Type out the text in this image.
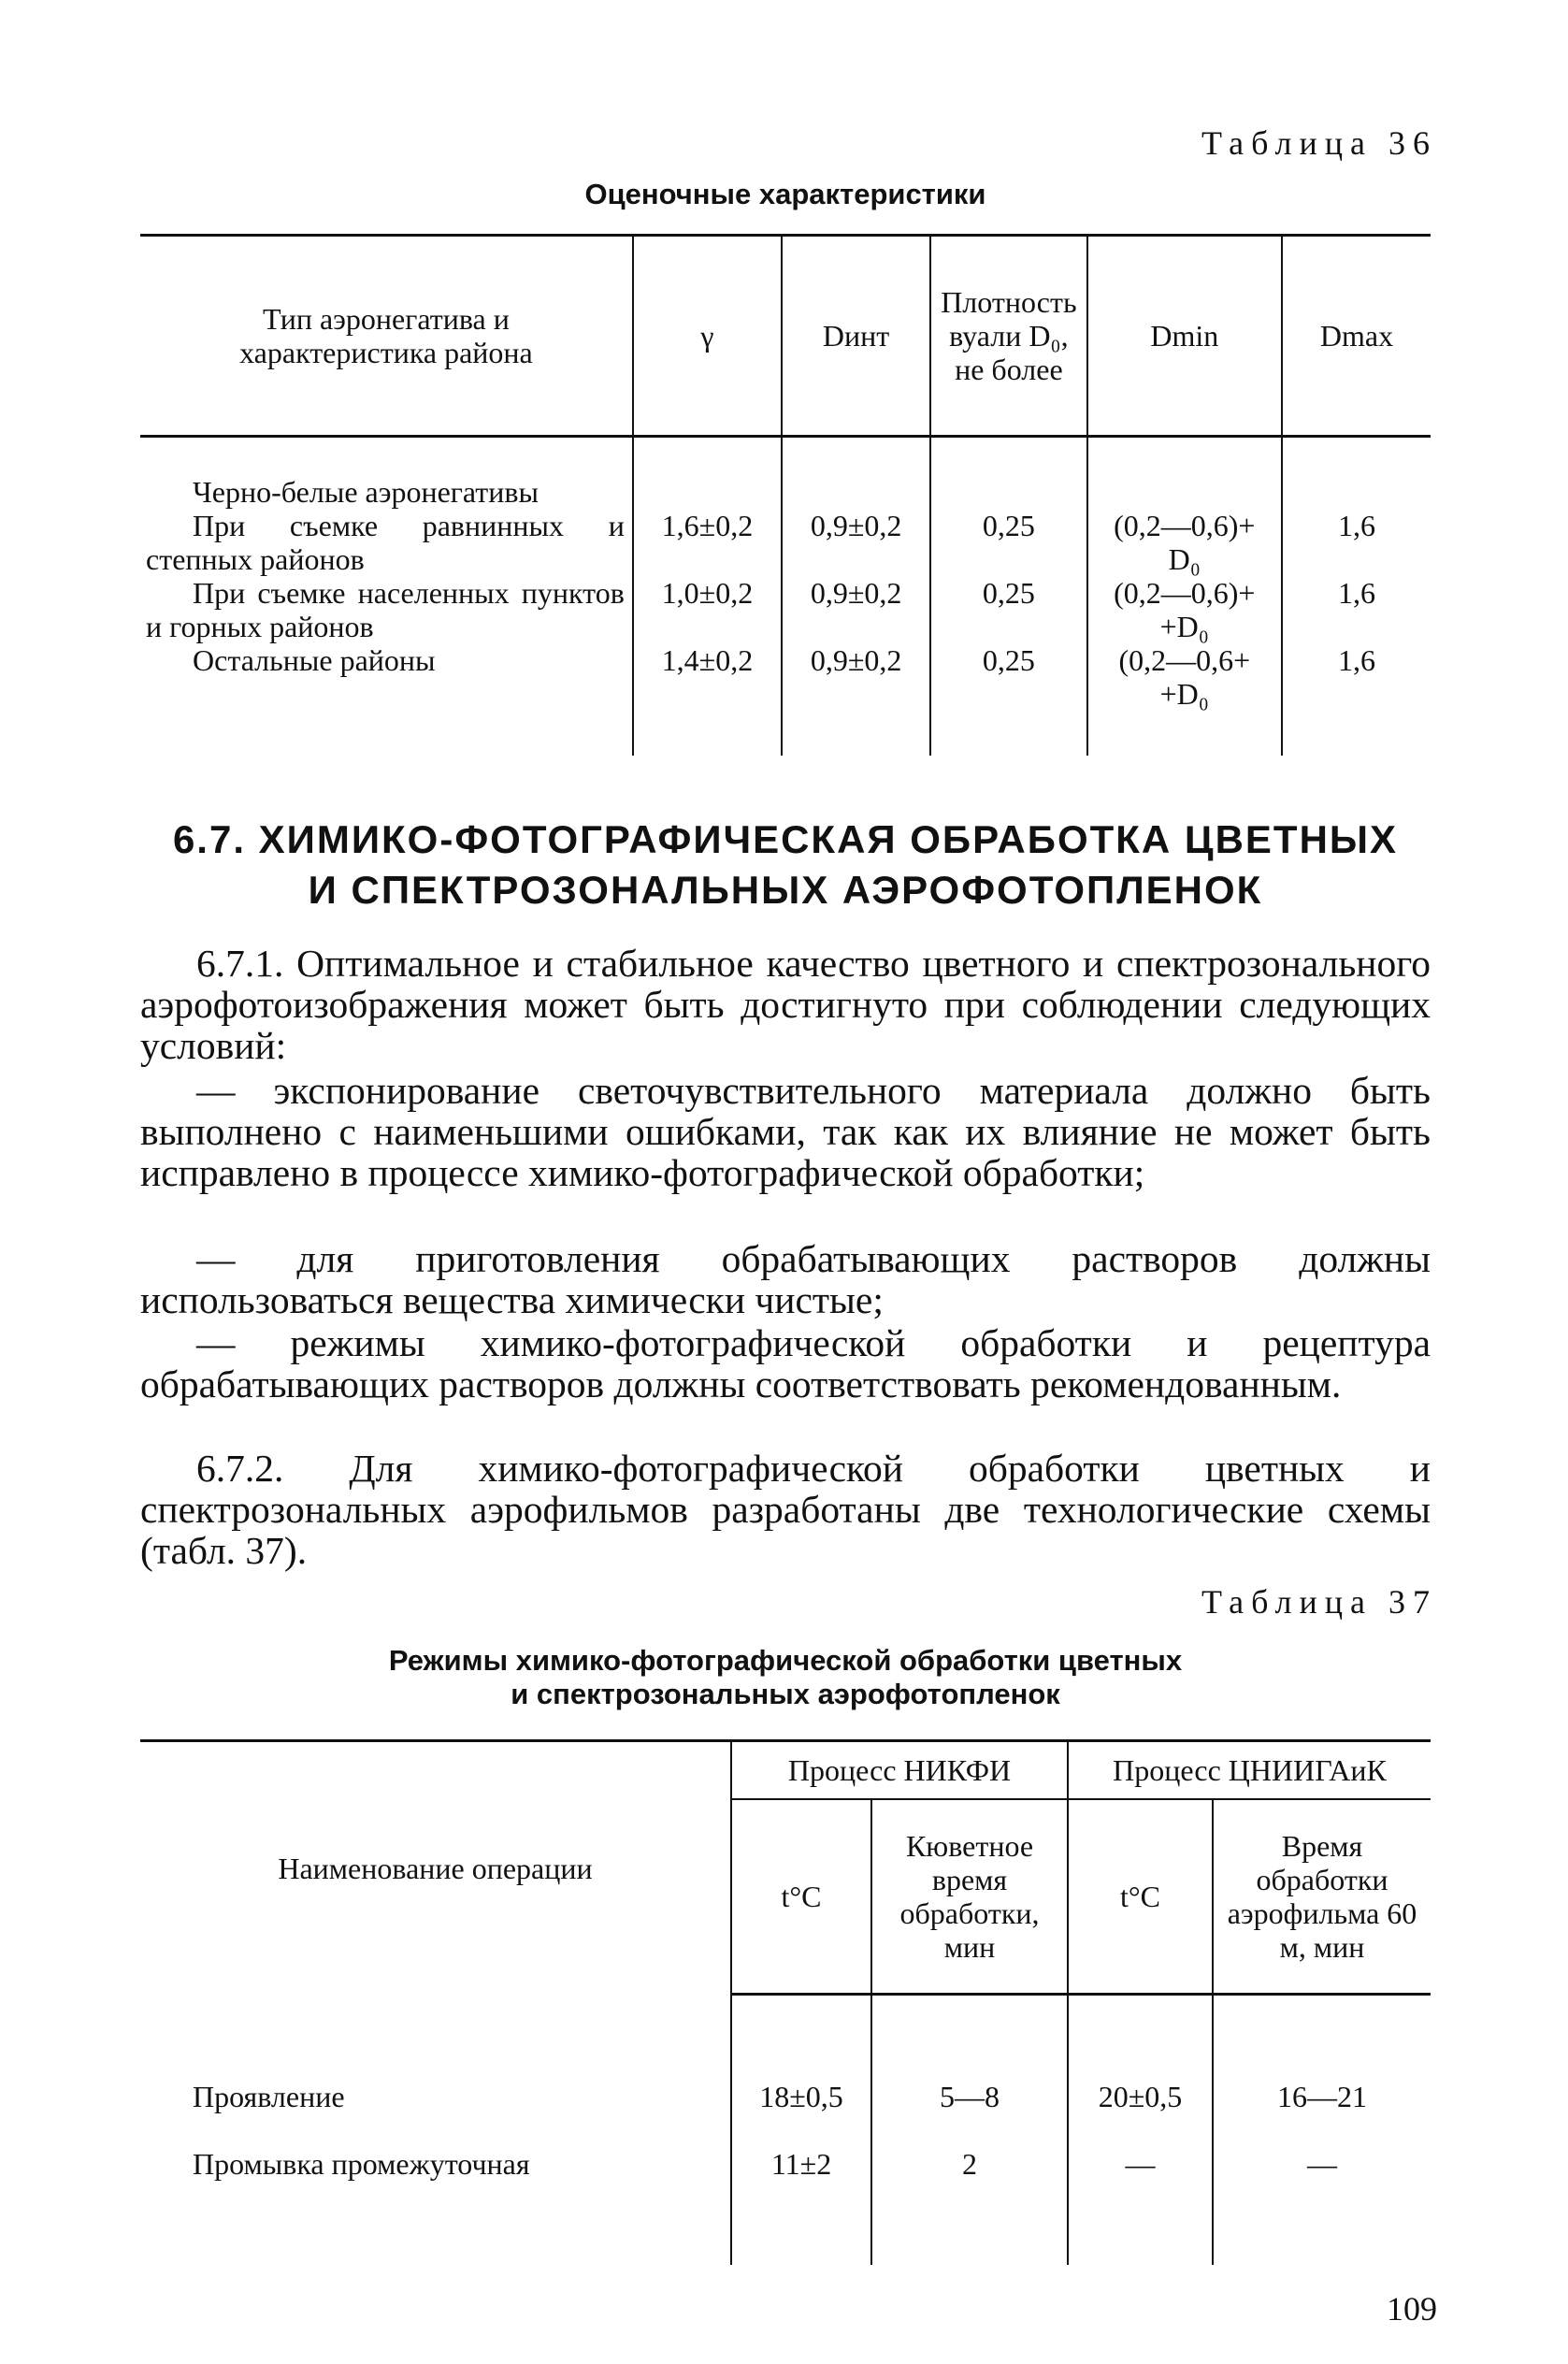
Таблица 36
Оценочные характеристики
Тип аэронегатива и характеристика района	γ	Dинт	Плотность вуали D₀, не более	Dmin	Dmax

Черно-белые аэронегативы					
При съемке равнинных и степных районов	1,6±0,2	0,9±0,2	0,25	(0,2—0,6)+ D₀	1,6
При съемке населенных пунктов и горных районов	1,0±0,2	0,9±0,2	0,25	(0,2—0,6)+ +D₀	1,6
Остальные районы	1,4±0,2	0,9±0,2	0,25	(0,2—0,6+ +D₀	1,6

6.7. ХИМИКО-ФОТОГРАФИЧЕСКАЯ ОБРАБОТКА ЦВЕТНЫХ
И СПЕКТРОЗОНАЛЬНЫХ АЭРОФОТОПЛЕНОК
6.7.1. Оптимальное и стабильное качество цветного и спектрозонального аэрофотоизображения может быть достигнуто при соблюдении следующих условий:
— экспонирование светочувствительного материала должно быть выполнено с наименьшими ошибками, так как их влияние не может быть исправлено в процессе химико-фотографической обработки;
— для приготовления обрабатывающих растворов должны использоваться вещества химически чистые;
— режимы химико-фотографической обработки и рецептура обрабатывающих растворов должны соответствовать рекомендованным.
6.7.2. Для химико-фотографической обработки цветных и спектрозональных аэрофильмов разработаны две технологические схемы (табл. 37).
Таблица 37
Режимы химико-фотографической обработки цветных
и спектрозональных аэрофотопленок
Наименование операции	Процесс НИКФИ		Процесс ЦНИИГАиК	
	t°C	Кюветное время обработки, мин	t°C	Время обработки аэрофильма 60 м, мин

Проявление	18±0,5	5—8	20±0,5	16—21
Промывка промежуточная	11±2	2	—	—

109
